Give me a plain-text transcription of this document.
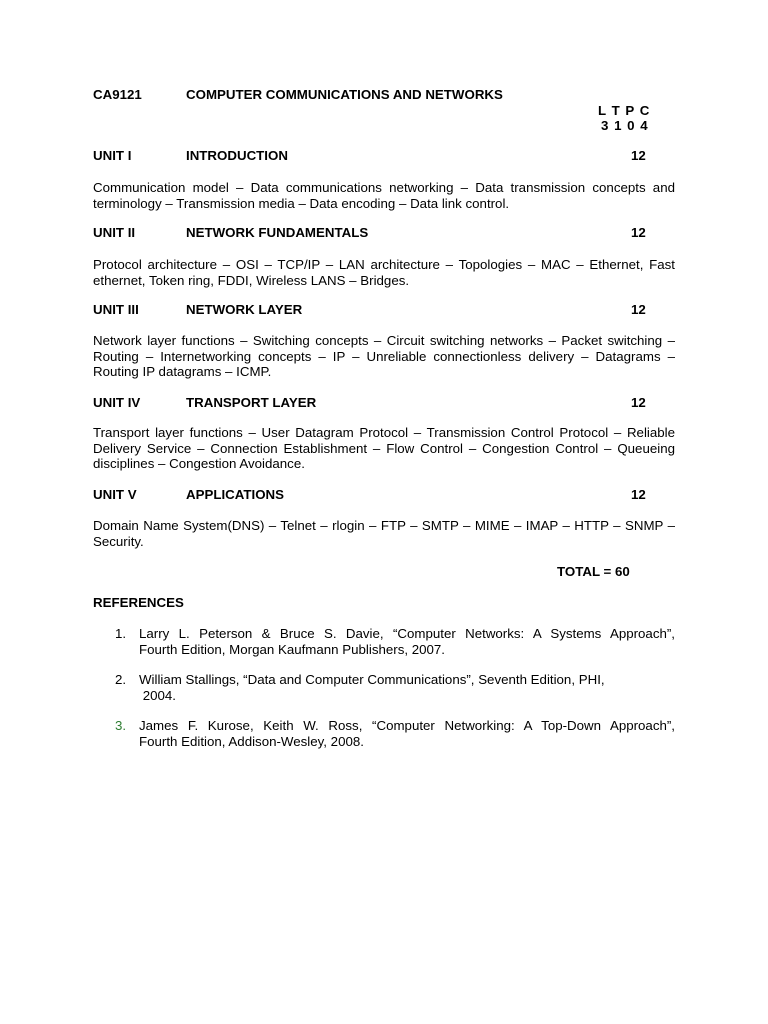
CA9121	COMPUTER COMMUNICATIONS AND NETWORKS
L T P C
3 1 0 4
UNIT I	INTRODUCTION	12

Communication model – Data communications networking – Data transmission concepts and terminology – Transmission media – Data encoding – Data link control.

UNIT II	NETWORK FUNDAMENTALS	12

Protocol architecture – OSI – TCP/IP – LAN architecture – Topologies – MAC – Ethernet, Fast ethernet, Token ring, FDDI, Wireless LANS – Bridges.

UNIT III	NETWORK LAYER	12

Network layer functions – Switching concepts – Circuit switching networks – Packet switching – Routing – Internetworking concepts – IP – Unreliable connectionless delivery – Datagrams – Routing IP datagrams – ICMP.

UNIT IV	TRANSPORT LAYER	12

Transport layer functions – User Datagram Protocol – Transmission Control Protocol – Reliable Delivery Service – Connection Establishment – Flow Control – Congestion Control – Queueing disciplines – Congestion Avoidance.

UNIT V	APPLICATIONS	12

Domain Name System(DNS) – Telnet – rlogin – FTP – SMTP – MIME – IMAP – HTTP – SNMP – Security.

TOTAL = 60
REFERENCES
1. Larry L. Peterson & Bruce S. Davie, “Computer Networks: A Systems Approach”,
Fourth Edition, Morgan Kaufmann Publishers, 2007.
2. William Stallings, “Data and Computer Communications”, Seventh Edition, PHI,
2004.
3. James F. Kurose, Keith W. Ross, “Computer Networking: A Top-Down Approach”,
Fourth Edition, Addison-Wesley, 2008.
